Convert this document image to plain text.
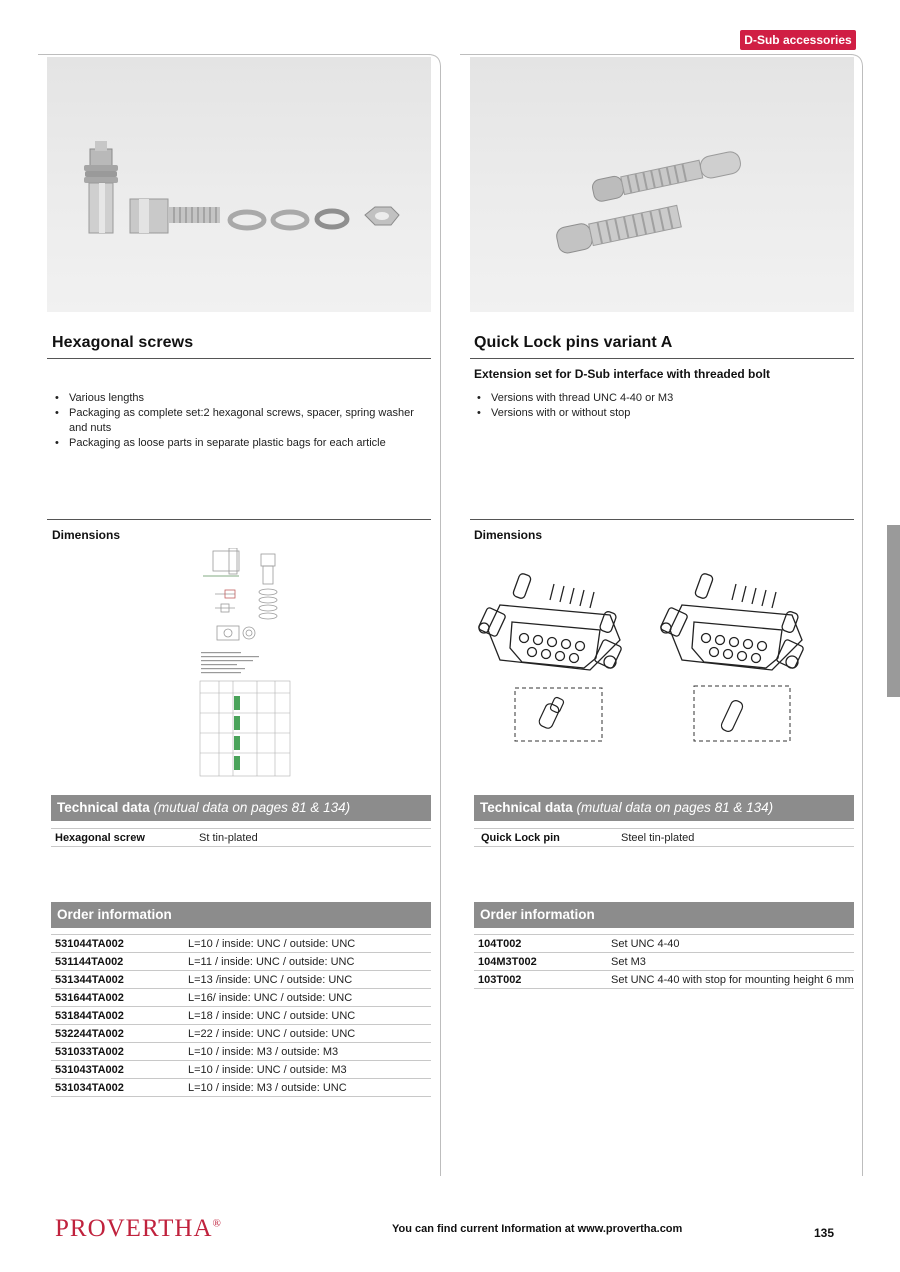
D-Sub accessories
Hexagonal screws
• Various lengths
• Packaging as complete set:2 hexagonal screws, spacer, spring washer and nuts
• Packaging as loose parts in separate plastic bags for each article
Dimensions
Technical data (mutual data on pages 81 & 134)
Hexagonal screw	St tin-plated
Order information
531044TA002	L=10 / inside: UNC / outside: UNC
531144TA002	L=11 / inside: UNC / outside: UNC
531344TA002	L=13 /inside: UNC / outside: UNC
531644TA002	L=16/ inside: UNC / outside: UNC
531844TA002	L=18 / inside: UNC / outside: UNC
532244TA002	L=22 / inside: UNC / outside: UNC
531033TA002	L=10 / inside: M3 / outside: M3
531043TA002	L=10 / inside: UNC / outside: M3
531034TA002	L=10 / inside: M3 / outside: UNC
Quick Lock pins variant A
Extension set for D-Sub interface with threaded bolt
• Versions with thread UNC 4-40 or M3
• Versions with or without stop
Dimensions
Technical data (mutual data on pages 81 & 134)
Quick Lock pin	Steel tin-plated
Order information
104T002	Set UNC 4-40
104M3T002	Set M3
103T002	Set UNC 4-40 with stop for mounting height 6 mm
PROVERTHA®	You can find current Information at www.provertha.com	135
